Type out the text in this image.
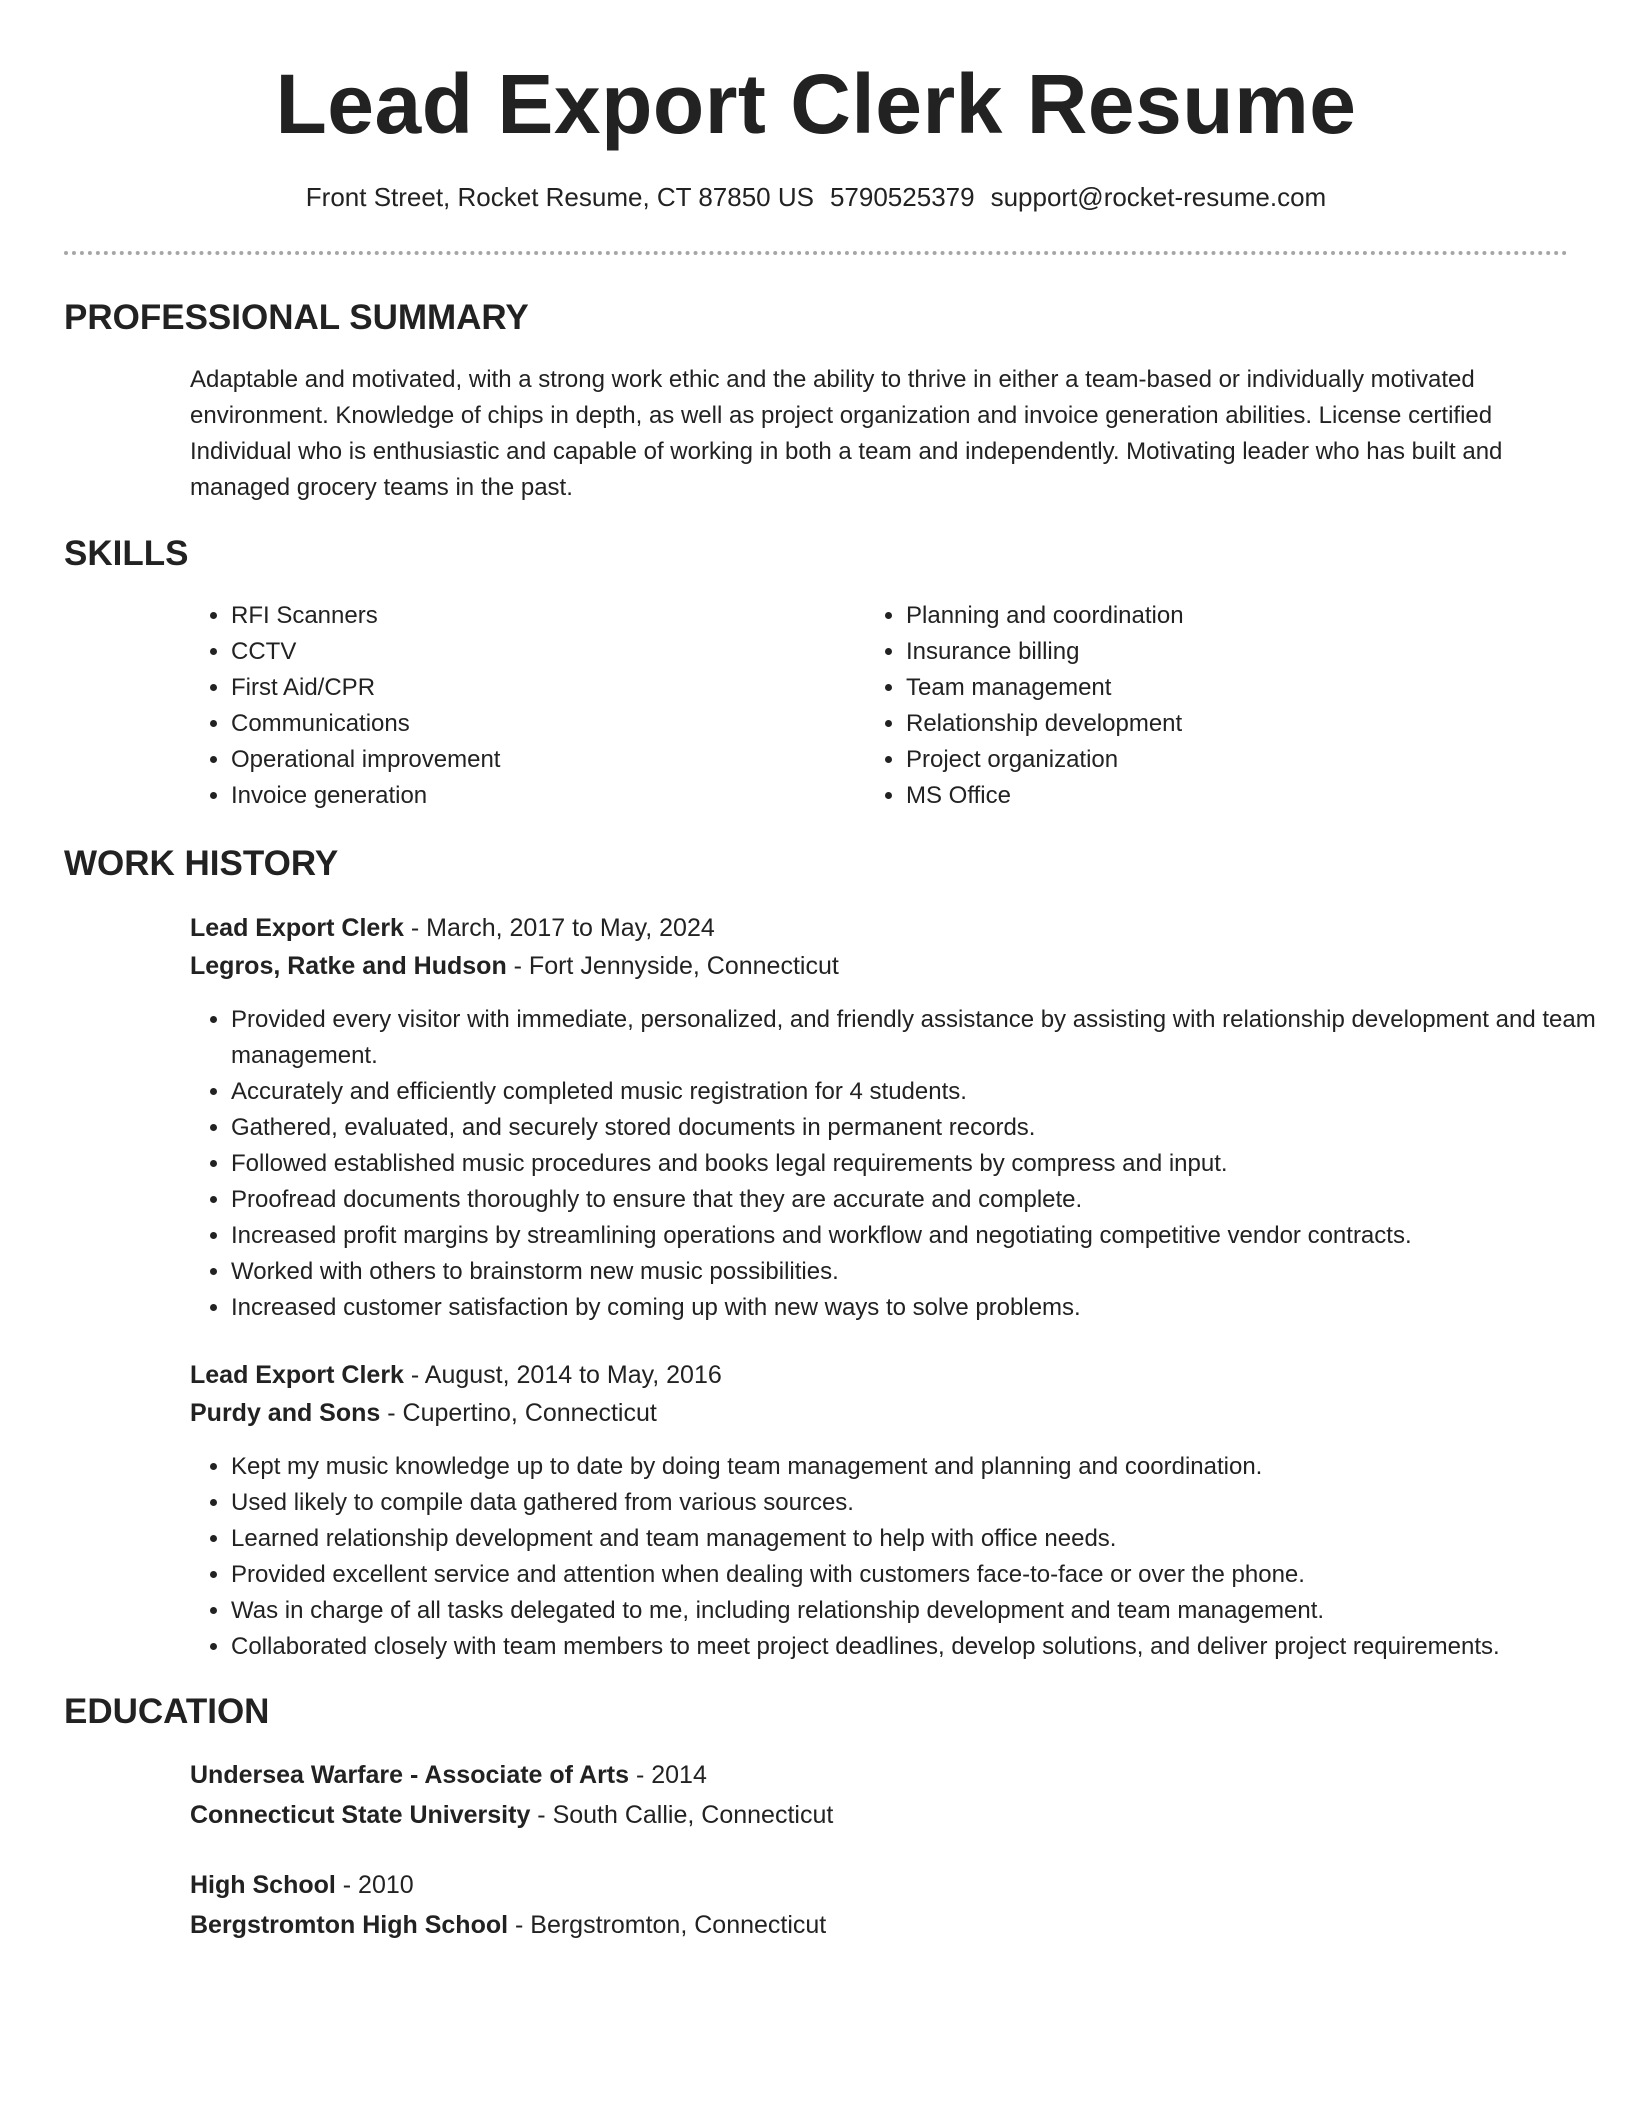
Lead Export Clerk Resume
Front Street, Rocket Resume, CT 87850 US 5790525379 support@rocket-resume.com
PROFESSIONAL SUMMARY

Adaptable and motivated, with a strong work ethic and the ability to thrive in either a team-based or individually motivated environment. Knowledge of chips in depth, as well as project organization and invoice generation abilities. License certified Individual who is enthusiastic and capable of working in both a team and independently. Motivating leader who has built and managed grocery teams in the past.

SKILLS
• RFI Scanners
• CCTV
• First Aid/CPR
• Communications
• Operational improvement
• Invoice generation
• Planning and coordination
• Insurance billing
• Team management
• Relationship development
• Project organization
• MS Office
WORK HISTORY
Lead Export Clerk - March, 2017 to May, 2024
Legros, Ratke and Hudson - Fort Jennyside, Connecticut
• Provided every visitor with immediate, personalized, and friendly assistance by assisting with relationship development and team management.
• Accurately and efficiently completed music registration for 4 students.
• Gathered, evaluated, and securely stored documents in permanent records.
• Followed established music procedures and books legal requirements by compress and input.
• Proofread documents thoroughly to ensure that they are accurate and complete.
• Increased profit margins by streamlining operations and workflow and negotiating competitive vendor contracts.
• Worked with others to brainstorm new music possibilities.
• Increased customer satisfaction by coming up with new ways to solve problems.
Lead Export Clerk - August, 2014 to May, 2016
Purdy and Sons - Cupertino, Connecticut
• Kept my music knowledge up to date by doing team management and planning and coordination.
• Used likely to compile data gathered from various sources.
• Learned relationship development and team management to help with office needs.
• Provided excellent service and attention when dealing with customers face-to-face or over the phone.
• Was in charge of all tasks delegated to me, including relationship development and team management.
• Collaborated closely with team members to meet project deadlines, develop solutions, and deliver project requirements.
EDUCATION
Undersea Warfare - Associate of Arts - 2014
Connecticut State University - South Callie, Connecticut
High School - 2010
Bergstromton High School - Bergstromton, Connecticut
